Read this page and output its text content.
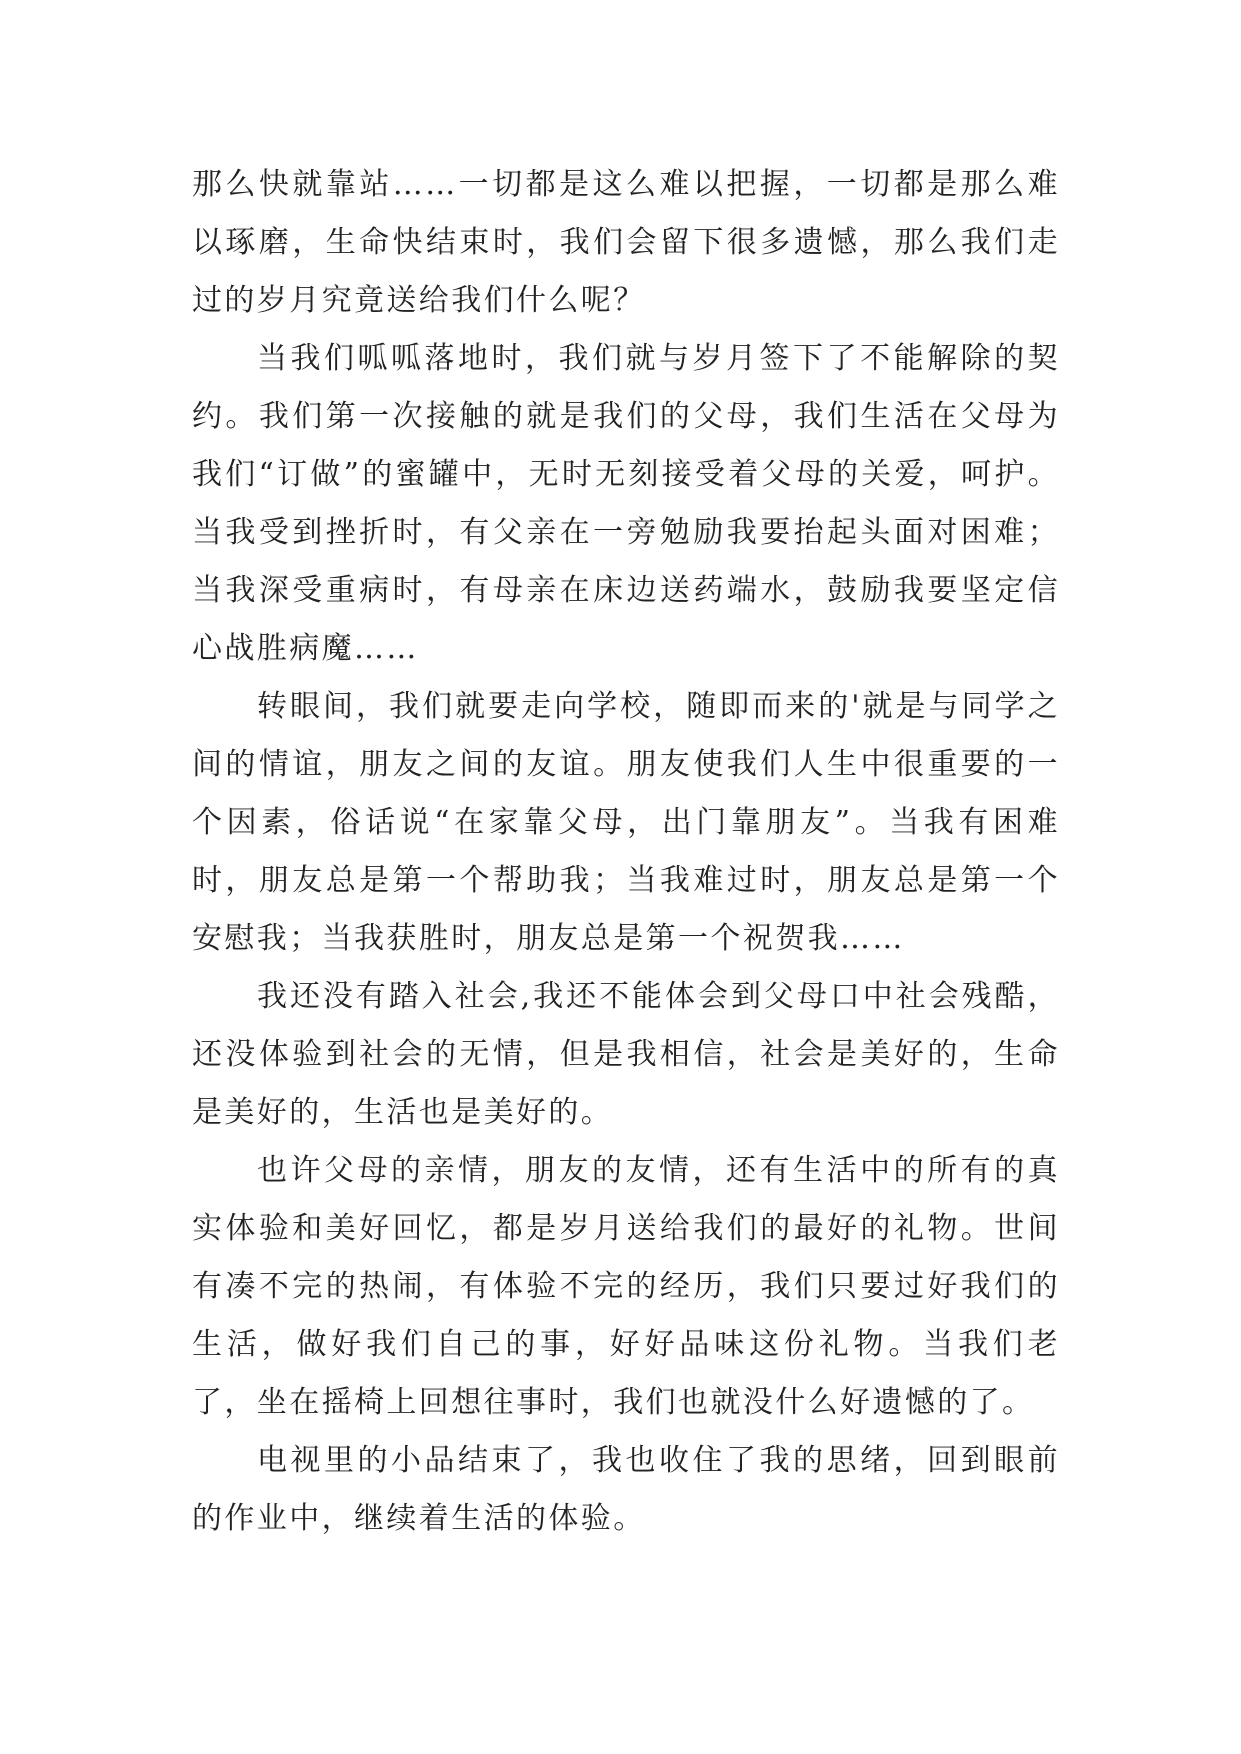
那么快就靠站……一切都是这么难以把握，一切都是那么难以琢磨，生命快结束时，我们会留下很多遗憾，那么我们走过的岁月究竟送给我们什么呢？

当我们呱呱落地时，我们就与岁月签下了不能解除的契约。我们第一次接触的就是我们的父母，我们生活在父母为我们“订做”的蜜罐中，无时无刻接受着父母的关爱，呵护。当我受到挫折时，有父亲在一旁勉励我要抬起头面对困难；当我深受重病时，有母亲在床边送药端水，鼓励我要坚定信心战胜病魔……

转眼间，我们就要走向学校，随即而来的'就是与同学之间的情谊，朋友之间的友谊。朋友使我们人生中很重要的一个因素，俗话说“在家靠父母，出门靠朋友”。当我有困难时，朋友总是第一个帮助我；当我难过时，朋友总是第一个安慰我；当我获胜时，朋友总是第一个祝贺我……

我还没有踏入社会,我还不能体会到父母口中社会残酷，还没体验到社会的无情，但是我相信，社会是美好的，生命是美好的，生活也是美好的。

也许父母的亲情，朋友的友情，还有生活中的所有的真实体验和美好回忆，都是岁月送给我们的最好的礼物。世间有凑不完的热闹，有体验不完的经历，我们只要过好我们的生活，做好我们自己的事，好好品味这份礼物。当我们老了，坐在摇椅上回想往事时，我们也就没什么好遗憾的了。

电视里的小品结束了，我也收住了我的思绪，回到眼前的作业中，继续着生活的体验。
